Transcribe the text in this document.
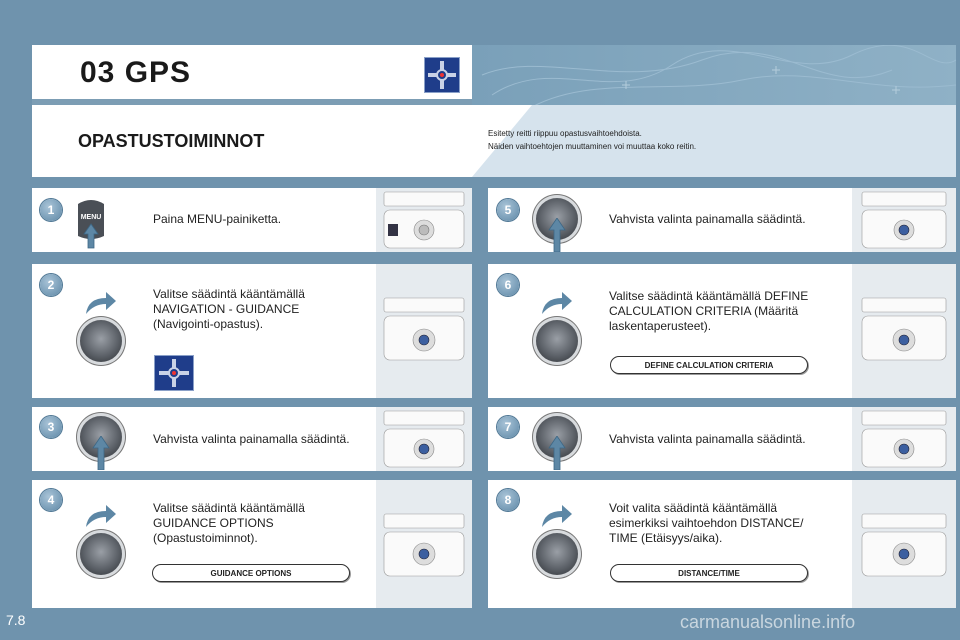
03 GPS
OPASTUSTOIMINNOT	Esitetty reitti riippuu opastusvaihtoehdoista.
Näiden vaihtoehtojen muuttaminen voi muuttaa koko reitin.
1
MENU	Paina MENU-painiketta.
2
Valitse säädintä kääntämällä NAVIGATION - GUIDANCE (Navigointi-opastus).
3
Vahvista valinta painamalla säädintä.
4
Valitse säädintä kääntämällä GUIDANCE OPTIONS (Opastustoiminnot).
GUIDANCE OPTIONS
5
Vahvista valinta painamalla säädintä.
6
Valitse säädintä kääntämällä DEFINE CALCULATION CRITERIA (Määritä laskentaperusteet).
DEFINE CALCULATION CRITERIA
7
Vahvista valinta painamalla säädintä.
8
Voit valita säädintä kääntämällä esimerkiksi vaihtoehdon DISTANCE/ TIME (Etäisyys/aika).
DISTANCE/TIME
7.8	carmanualsonline.info
